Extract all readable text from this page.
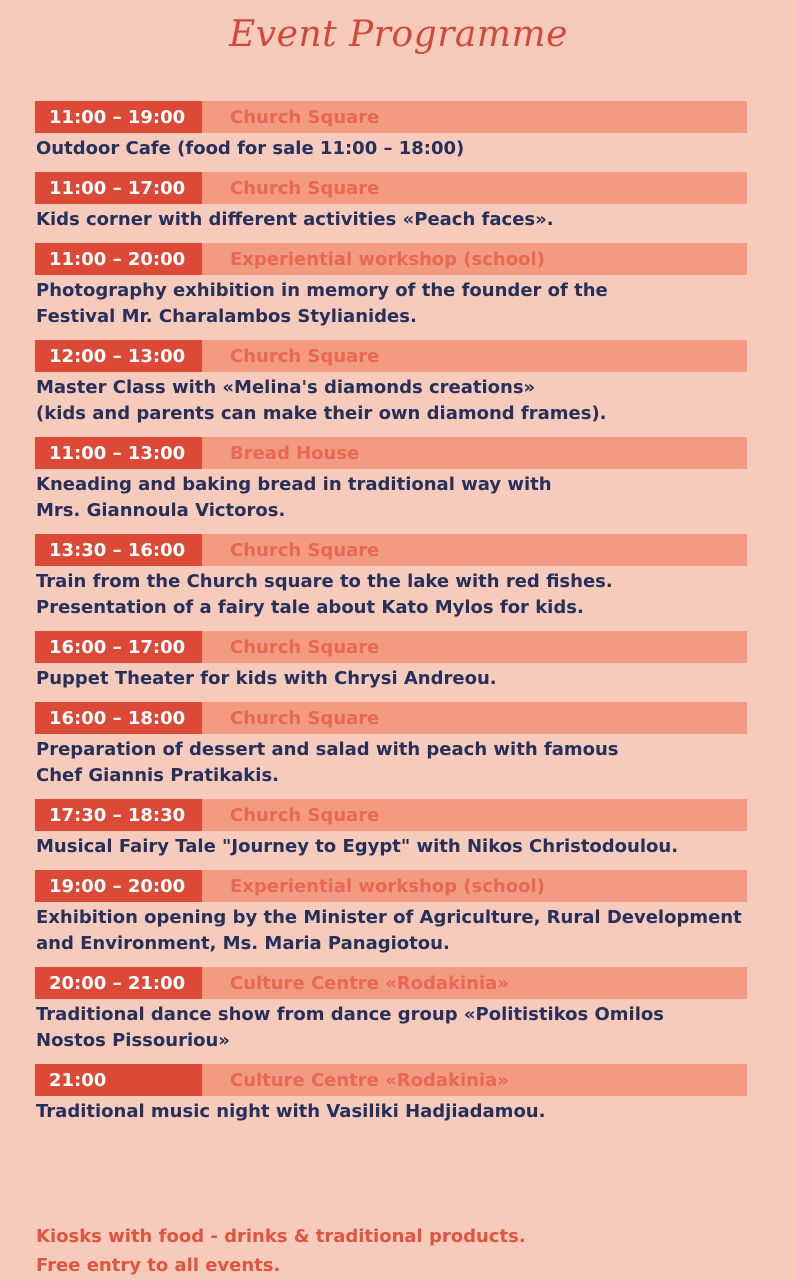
Event Programme
11:00 – 19:00	Church Square
Outdoor Cafe (food for sale 11:00 – 18:00)
11:00 – 17:00	Church Square
Kids corner with different activities «Peach faces».
11:00 – 20:00	Experiential workshop (school)
Photography exhibition in memory of the founder of the
Festival Mr. Charalambos Stylianides.
12:00 – 13:00	Church Square
Master Class with «Melina's diamonds creations»
(kids and parents can make their own diamond frames).
11:00 – 13:00	Bread House
Kneading and baking bread in traditional way with
Mrs. Giannoula Victoros.
13:30 – 16:00	Church Square
Train from the Church square to the lake with red fishes.
Presentation of a fairy tale about Kato Mylos for kids.
16:00 – 17:00	Church Square
Puppet Theater for kids with Chrysi Andreou.
16:00 – 18:00	Church Square
Preparation of dessert and salad with peach with famous
Chef Giannis Pratikakis.
17:30 – 18:30	Church Square
Musical Fairy Tale "Journey to Egypt" with Nikos Christodoulou.
19:00 – 20:00	Experiential workshop (school)
Exhibition opening by the Minister of Agriculture, Rural Development
and Environment, Ms. Maria Panagiotou.
20:00 – 21:00	Culture Centre «Rodakinia»
Traditional dance show from dance group «Politistikos Omilos
Nostos Pissouriou»
21:00	Culture Centre «Rodakinia»
Traditional music night with Vasiliki Hadjiadamou.
Kiosks with food - drinks & traditional products.
Free entry to all events.
